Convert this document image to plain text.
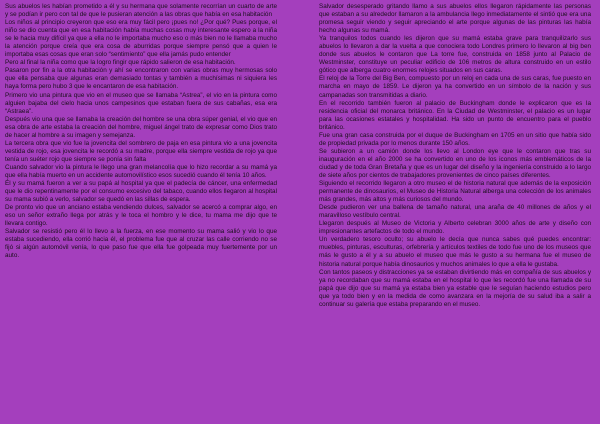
Sus abuelos les habían prometido a él y su hermana que solamente recorrían un cuarto de arte y se podían ir pero con tal de que le pusieran atención a las obras que había en esa habitación

Los niños al principio creyeron que eso era muy fácil pero ¡pues no! ¿Por qué? Pues porque, el niño se dio cuenta que en esa habitación había muchas cosas muy interesante espero a la niña se le hacia muy difícil ya que a ella no le importaba mucho eso o más bien no le llamaba mucho la atención porque creía que era cosa de aburridas porque siempre pensó que a quien le importaba esas cosas que eran solo “sentimiento” que ella jamás pudo entender

Pero al final la niña como que la logro fingir que rápido salieron de esa habitación.

Pasaron por fin a la otra habitación y ahí se encontraron con varias obras muy hermosas solo que ella pensaba que algunas eran demasiado tontas y también a muchísimas ni siquiera les haya forma pero hubo 3 que le encantaron de esa habitación.

Primero vio una pintura que vio en el museo que se llamaba “Astrea”, el vio en la pintura como alguien bajaba del cielo hacia unos campesinos que estaban fuera de sus cabañas, esa era “Astraea”.

Después vio una que se llamaba la creación del hombre se una obra súper genial, el vio que en esa obra de arte estaba la creación del hombre, miguel ángel trato de expresar como Dios trato de hacer al hombre a su imagen y semejanza.

La tercera obra que vio fue la jovencita del sombrero de paja en esa pintura vio a una jovencita vestida de rojo, esa jovencita le recordó a su madre, porque ella siempre vestida de rojo ya que tenía un suéter rojo que siempre se ponía sin falta

Cuando salvador vio la pintura le llego una gran melancolía que lo hizo recordar a su mamá ya que ella había muerto en un accidente automovilístico esos sucedió cuando él tenía 10 años.

Él y su mamá fueron a ver a su papá al hospital ya que el padecía de cáncer, una enfermedad que le dio repentinamente por el consumo excesivo del tabaco, cuando ellos llegaron al hospital su mama subió a verlo, salvador se quedó en las sillas de espera.

De pronto vio que un anciano estaba vendiendo dulces, salvador se acercó a comprar algo, en eso un señor extraño llega por atrás y le toca el hombro y le dice, tu mama me dijo que te llevara contigo.

Salvador se resistió pero él lo llevo a la fuerza, en ese momento su mama salió y vio lo que estaba sucediendo, ella corrió hacia él, el problema fue que al cruzar las calle corriendo no se fijó si algún automóvil venía, lo que paso fue que ella fue golpeada muy fuertemente por un auto.

Salvador desesperado gritando llamo a sus abuelos ellos llegaron rápidamente las personas que estaban a su alrededor llamaron a la ambulancia llego inmediatamente el sintió que era una promesa seguir viendo y seguir apreciando el arte porque algunas de las pinturas las había hecho algunas su mamá.

Ya tranquilos todos cuando les dijeron que su mamá estaba grave para tranquilizarlo sus abuelos lo llevaron a dar la vuelta a que conociera todo Londres primero lo llevaron al big ben donde sus abuelos le contaron que La torre fue, construida en 1858 junto al Palacio de Westminster, constituye un peculiar edificio de 106 metros de altura construido en un estilo gótico que alberga cuatro enormes relojes situados en sus caras.

El reloj de la Torre del Big Ben, compuesto por un reloj en cada una de sus caras, fue puesto en marcha en mayo de 1859. Le dijeron ya ha convertido en un símbolo de la nación y sus campanadas son transmitidas a diario.

En el recorrido también fueron al palacio de Buckingham donde le explicaron que es la residencia oficial del monarca británico. En la Ciudad de Westminster, el palacio es un lugar para las ocasiones estatales y hospitalidad. Ha sido un punto de encuentro para el pueblo británico.

Fue una gran casa construida por el duque de Buckingham en 1705 en un sitio que había sido de propiedad privada por lo menos durante 150 años.

Se subieron a un camión donde los llevo al London eye que le contaron que tras su inauguración en el año 2000 se ha convertido en uno de los iconos más emblemáticos de la ciudad y de toda Gran Bretaña y que es un lugar del diseño y la ingeniería construido a lo largo de siete años por cientos de trabajadores provenientes de cinco países diferentes.

Siguiendo el recorrido llegaron a otro museo el de historia natural que además de la exposición permanente de dinosaurios, el Museo de Historia Natural alberga una colección de los animales más grandes, más altos y más curiosos del mundo.

Desde pudieron ver una ballena de tamaño natural, una araña de 40 millones de años y el maravilloso vestíbulo central.

Llegaron después al Museo de Victoria y Alberto celebran 3000 años de arte y diseño con impresionantes artefactos de todo el mundo.

Un verdadero tesoro oculto; su abuelo le decía que nunca sabes qué puedes encontrar: muebles, pinturas, esculturas, orfebrería y artículos textiles de todo fue uno de los museos que más le gusto a él y a su abuelo el museo que más le gusto a su hermana fue el museo de historia natural porque había dinosaurios y muchos animales lo que a ella le gustaba.

Con tantos paseos y distracciones ya se estaban divirtiendo más en compañía de sus abuelos y ya no recordaban que su mamá estaba en el hospital lo que les recordó fue una llamada de su papá que dijo que su mamá ya estaba bien ya estable que le seguían haciendo estudios pero que ya todo bien y en la medida de como avanzara en la mejoría de su salud iba a salir a continuar su galería que estaba preparando en el museo.
